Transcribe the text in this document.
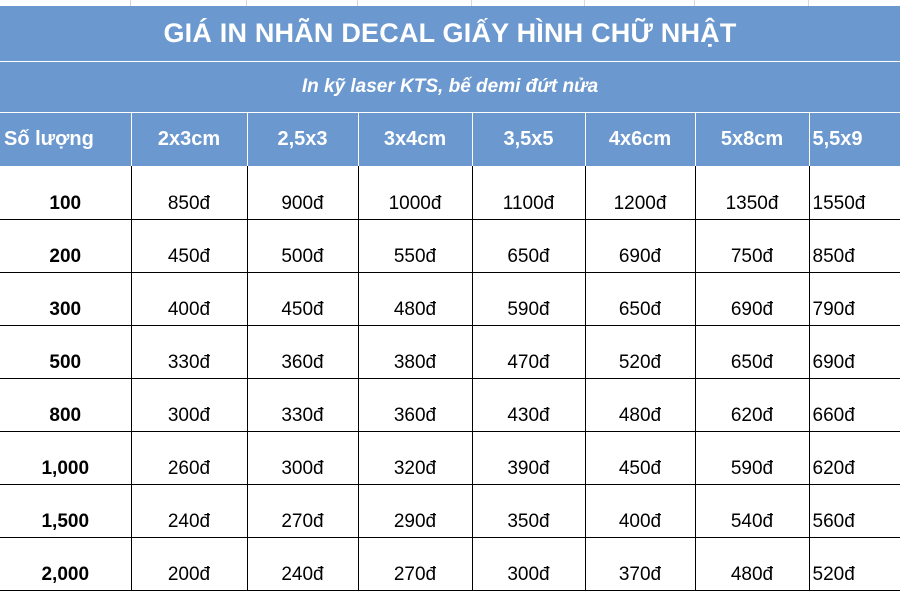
GIÁ IN NHÃN DECAL GIẤY HÌNH CHỮ NHẬT
In kỹ laser KTS, bế demi đứt nửa
Số lượng	2x3cm	2,5x3	3x4cm	3,5x5	4x6cm	5x8cm	5,5x9
100	850đ	900đ	1000đ	1100đ	1200đ	1350đ	1550đ
200	450đ	500đ	550đ	650đ	690đ	750đ	850đ
300	400đ	450đ	480đ	590đ	650đ	690đ	790đ
500	330đ	360đ	380đ	470đ	520đ	650đ	690đ
800	300đ	330đ	360đ	430đ	480đ	620đ	660đ
1,000	260đ	300đ	320đ	390đ	450đ	590đ	620đ
1,500	240đ	270đ	290đ	350đ	400đ	540đ	560đ
2,000	200đ	240đ	270đ	300đ	370đ	480đ	520đ
